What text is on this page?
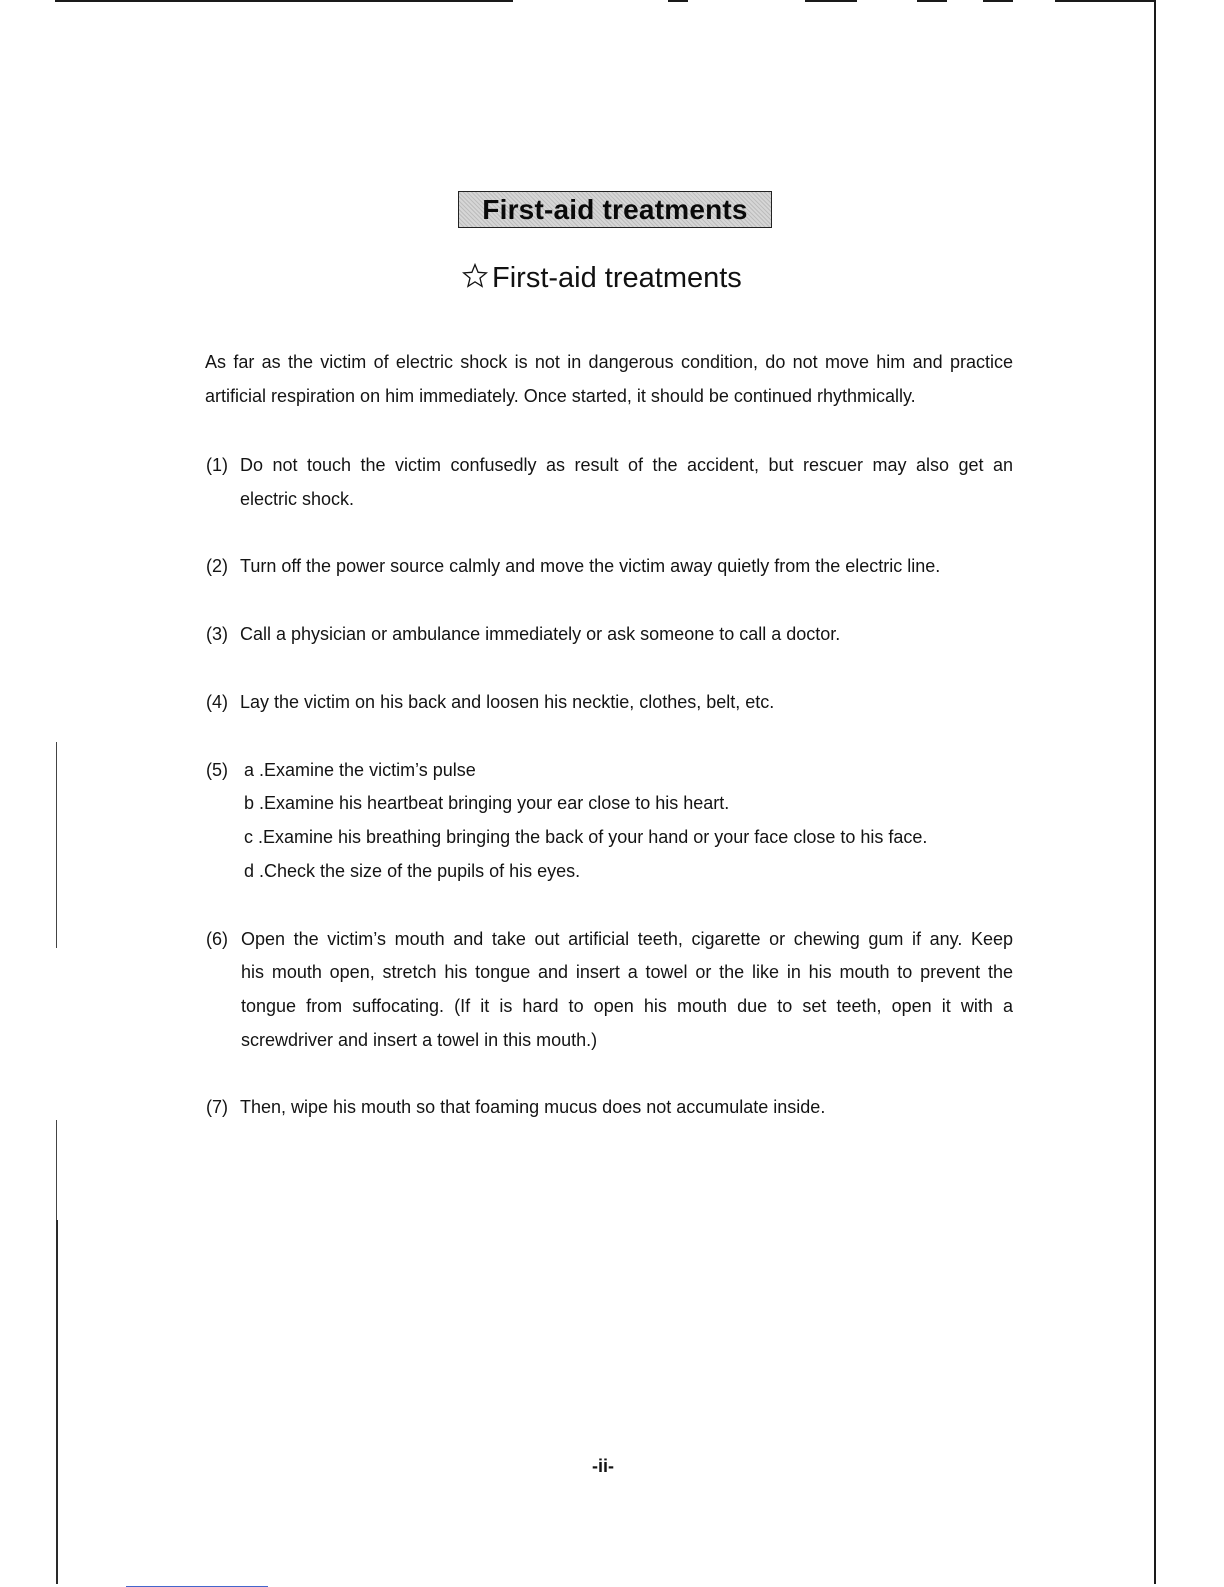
First-aid treatments
First-aid treatments
As far as the victim of electric shock is not in dangerous condition, do not move him and practice
artificial respiration on him immediately. Once started, it should be continued rhythmically.
(1) Do not touch the victim confusedly as result of the accident, but rescuer may also get an
electric shock.
(2) Turn off the power source calmly and move the victim away quietly from the electric line.
(3) Call a physician or ambulance immediately or ask someone to call a doctor.
(4) Lay the victim on his back and loosen his necktie, clothes, belt, etc.
(5) a .Examine the victim’s pulse
b .Examine his heartbeat bringing your ear close to his heart.
c .Examine his breathing bringing the back of your hand or your face close to his face.
d .Check the size of the pupils of his eyes.
(6) Open the victim’s mouth and take out artificial teeth, cigarette or chewing gum if any. Keep
his mouth open, stretch his tongue and insert a towel or the like in his mouth to prevent the
tongue from suffocating. (If it is hard to open his mouth due to set teeth, open it with a
screwdriver and insert a towel in this mouth.)
(7) Then, wipe his mouth so that foaming mucus does not accumulate inside.
-ii-
